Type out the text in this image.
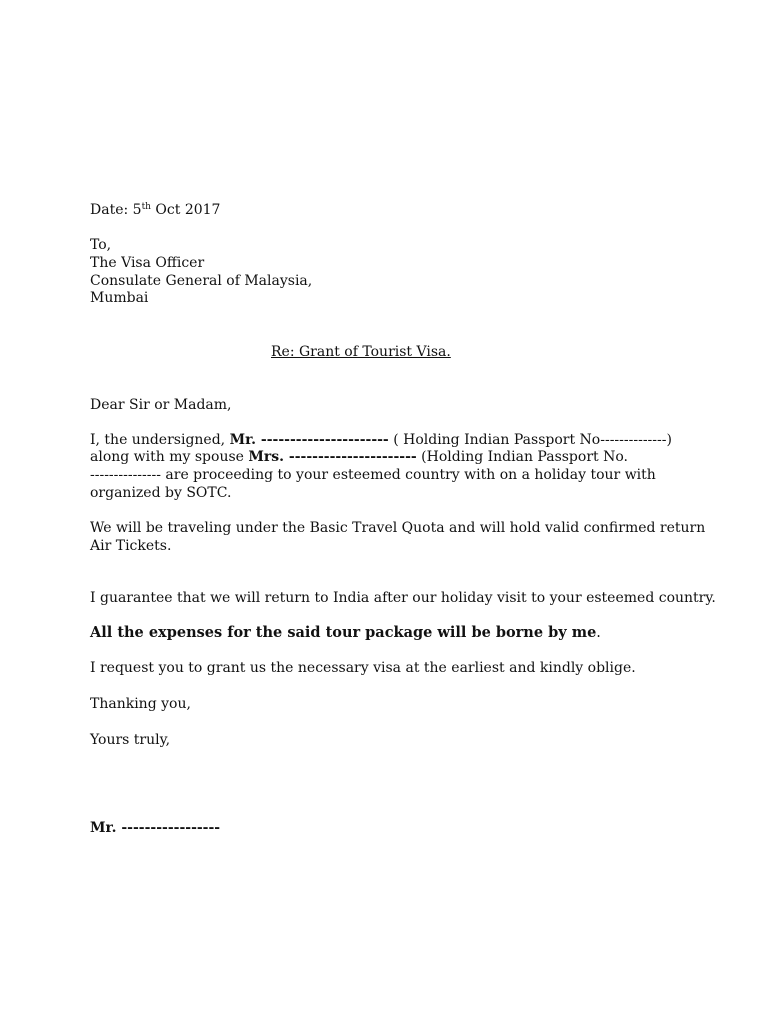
Date: 5th Oct 2017
To,
The Visa Officer
Consulate General of Malaysia,
Mumbai
Re: Grant of Tourist Visa.
Dear Sir or Madam,
I, the undersigned, Mr. ---------------------- ( Holding Indian Passport No--------------)
along with my spouse Mrs. ---------------------- (Holding Indian Passport No.
--------------- are proceeding to your esteemed country with on a holiday tour with
organized by SOTC.
We will be traveling under the Basic Travel Quota and will hold valid confirmed return
Air Tickets.
I guarantee that we will return to India after our holiday visit to your esteemed country.
All the expenses for the said tour package will be borne by me.
I request you to grant us the necessary visa at the earliest and kindly oblige.
Thanking you,
Yours truly,
Mr. -----------------
